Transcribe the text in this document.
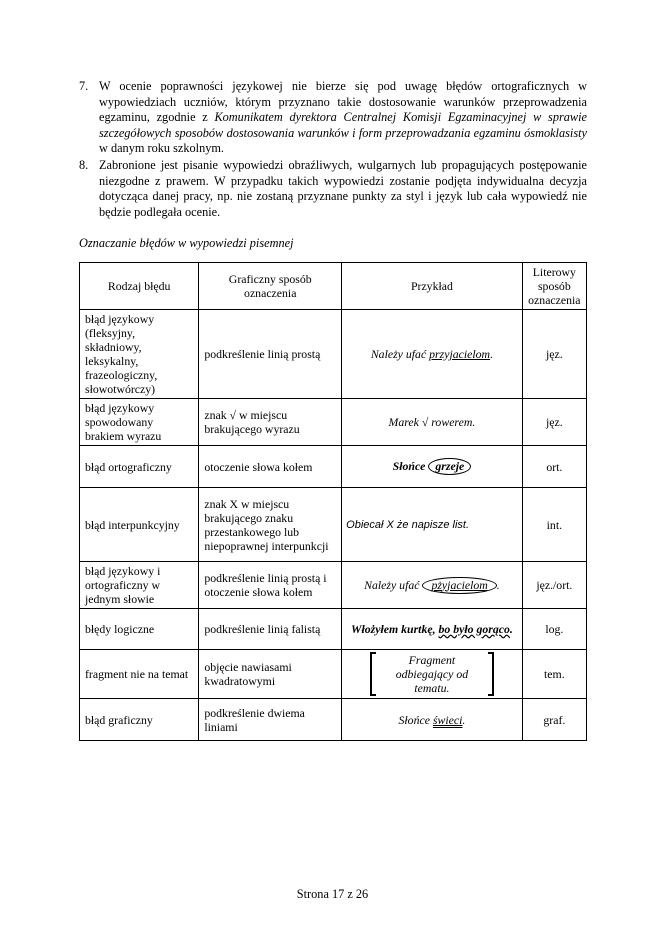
7. W ocenie poprawności językowej nie bierze się pod uwagę błędów ortograficznych w wypowiedziach uczniów, którym przyznano takie dostosowanie warunków przeprowadzenia egzaminu, zgodnie z Komunikatem dyrektora Centralnej Komisji Egzaminacyjnej w sprawie szczegółowych sposobów dostosowania warunków i form przeprowadzania egzaminu ósmoklasisty w danym roku szkolnym.
8. Zabronione jest pisanie wypowiedzi obraźliwych, wulgarnych lub propagujących postępowanie niezgodne z prawem. W przypadku takich wypowiedzi zostanie podjęta indywidualna decyzja dotycząca danej pracy, np. nie zostaną przyznane punkty za styl i język lub cała wypowiedź nie będzie podlegała ocenie.
Oznaczanie błędów w wypowiedzi pisemnej
Rodzaj błędu	Graficzny sposób oznaczenia	Przykład	Literowy sposób oznaczenia
błąd językowy (fleksyjny, składniowy, leksykalny, frazeologiczny, słowotwórczy)	podkreślenie linią prostą	Należy ufać przyjacielom.	jęz.
błąd językowy spowodowany brakiem wyrazu	znak √ w miejscu brakującego wyrazu	Marek √ rowerem.	jęz.
błąd ortograficzny	otoczenie słowa kołem	Słońce grzeje	ort.
błąd interpunkcyjny	znak X w miejscu brakującego znaku przestankowego lub niepoprawnej interpunkcji	Obiecał X że napisze list.	int.
błąd językowy i ortograficzny w jednym słowie	podkreślenie linią prostą i otoczenie słowa kołem	Należy ufać pżyjacielom .	jęz./ort.
błędy logiczne	podkreślenie linią falistą	Włożyłem kurtkę, bo było gorąco.	log.
fragment nie na temat	objęcie nawiasami kwadratowymi	Fragment odbiegający od tematu.	tem.
błąd graficzny	podkreślenie dwiema liniami	Słońce świeci.	graf.
Strona 17 z 26
